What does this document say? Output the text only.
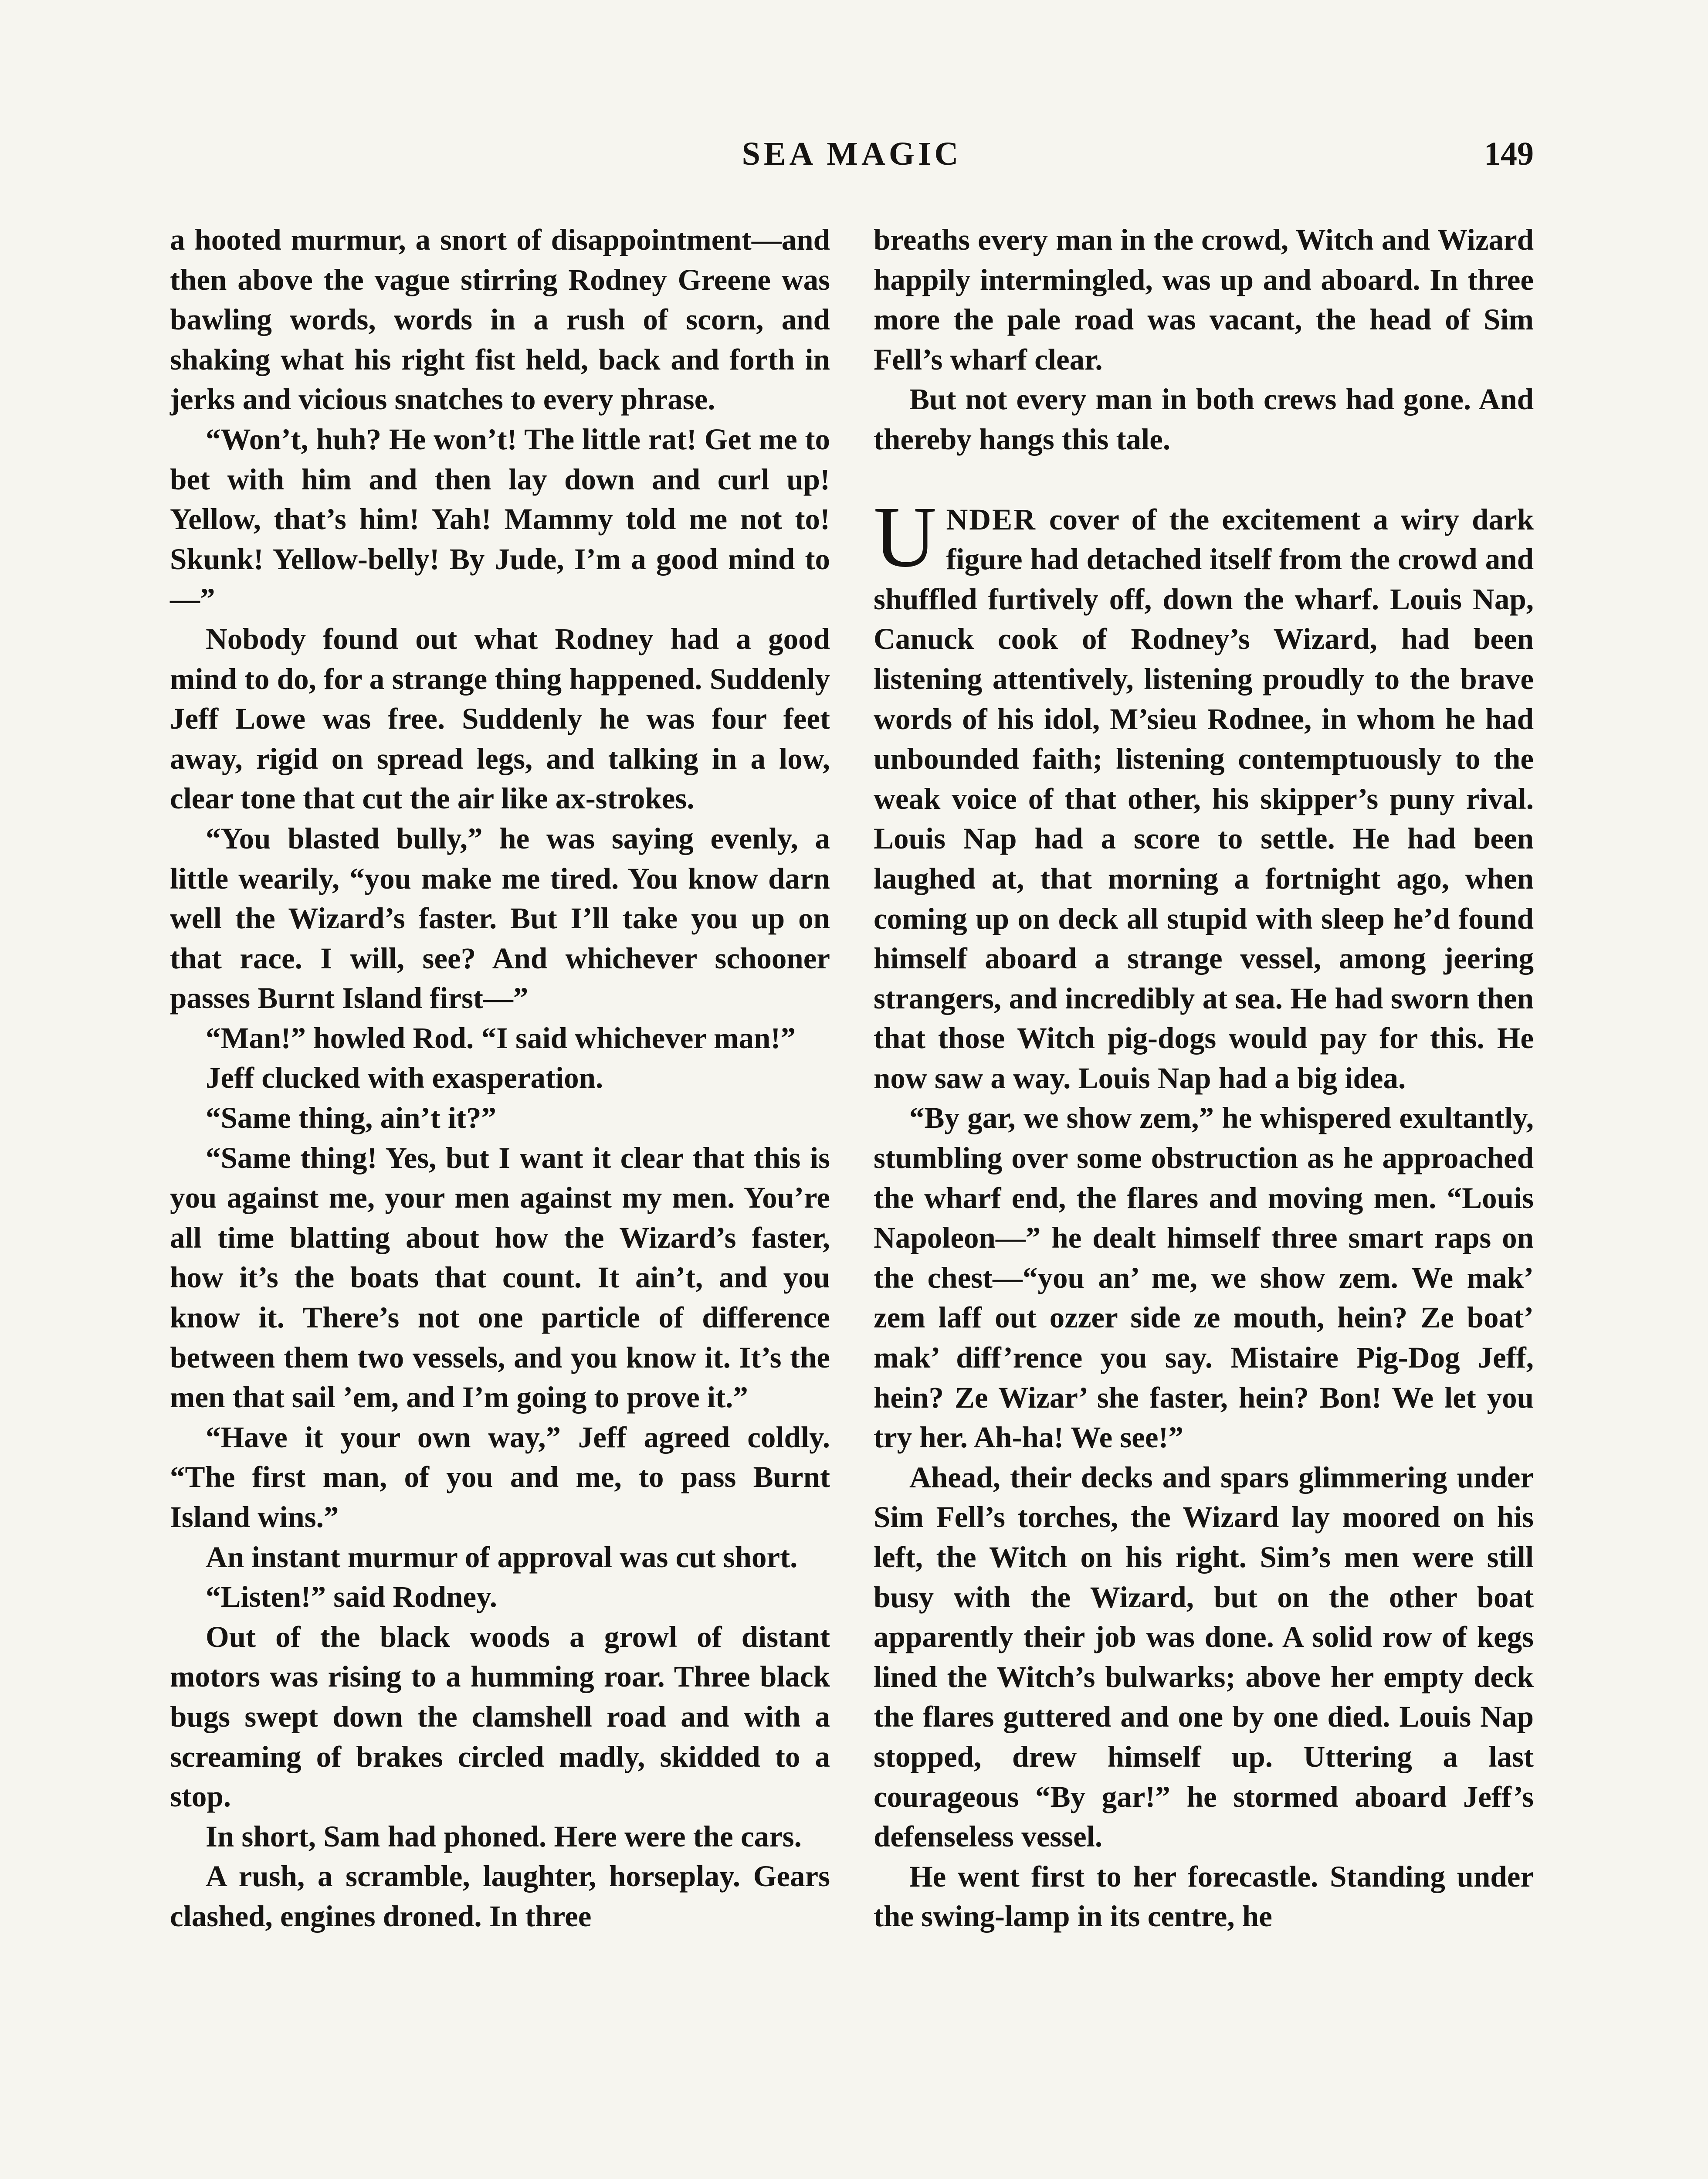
SEA MAGIC	149

a hooted murmur, a snort of disappointment—and then above the vague stirring Rodney Greene was bawling words, words in a rush of scorn, and shaking what his right fist held, back and forth in jerks and vicious snatches to every phrase.

“Won’t, huh? He won’t! The little rat! Get me to bet with him and then lay down and curl up! Yellow, that’s him! Yah! Mammy told me not to! Skunk! Yellow-belly! By Jude, I’m a good mind to—”

Nobody found out what Rodney had a good mind to do, for a strange thing happened. Suddenly Jeff Lowe was free. Suddenly he was four feet away, rigid on spread legs, and talking in a low, clear tone that cut the air like ax-strokes.

“You blasted bully,” he was saying evenly, a little wearily, “you make me tired. You know darn well the Wizard’s faster. But I’ll take you up on that race. I will, see? And whichever schooner passes Burnt Island first—”

“Man!” howled Rod. “I said whichever man!”

Jeff clucked with exasperation.

“Same thing, ain’t it?”

“Same thing! Yes, but I want it clear that this is you against me, your men against my men. You’re all time blatting about how the Wizard’s faster, how it’s the boats that count. It ain’t, and you know it. There’s not one particle of difference between them two vessels, and you know it. It’s the men that sail ’em, and I’m going to prove it.”

“Have it your own way,” Jeff agreed coldly. “The first man, of you and me, to pass Burnt Island wins.”

An instant murmur of approval was cut short.

“Listen!” said Rodney.

Out of the black woods a growl of distant motors was rising to a humming roar. Three black bugs swept down the clamshell road and with a screaming of brakes circled madly, skidded to a stop.

In short, Sam had phoned. Here were the cars.

A rush, a scramble, laughter, horseplay. Gears clashed, engines droned. In three

breaths every man in the crowd, Witch and Wizard happily intermingled, was up and aboard. In three more the pale road was vacant, the head of Sim Fell’s wharf clear.

But not every man in both crews had gone. And thereby hangs this tale.

UNDER cover of the excitement a wiry dark figure had detached itself from the crowd and shuffled furtively off, down the wharf. Louis Nap, Canuck cook of Rodney’s Wizard, had been listening attentively, listening proudly to the brave words of his idol, M’sieu Rodnee, in whom he had unbounded faith; listening contemptuously to the weak voice of that other, his skipper’s puny rival. Louis Nap had a score to settle. He had been laughed at, that morning a fortnight ago, when coming up on deck all stupid with sleep he’d found himself aboard a strange vessel, among jeering strangers, and incredibly at sea. He had sworn then that those Witch pig-dogs would pay for this. He now saw a way. Louis Nap had a big idea.

“By gar, we show zem,” he whispered exultantly, stumbling over some obstruction as he approached the wharf end, the flares and moving men. “Louis Napoleon—” he dealt himself three smart raps on the chest—“you an’ me, we show zem. We mak’ zem laff out ozzer side ze mouth, hein? Ze boat’ mak’ diff’rence you say. Mistaire Pig-Dog Jeff, hein? Ze Wizar’ she faster, hein? Bon! We let you try her. Ah-ha! We see!”

Ahead, their decks and spars glimmering under Sim Fell’s torches, the Wizard lay moored on his left, the Witch on his right. Sim’s men were still busy with the Wizard, but on the other boat apparently their job was done. A solid row of kegs lined the Witch’s bulwarks; above her empty deck the flares guttered and one by one died. Louis Nap stopped, drew himself up. Uttering a last courageous “By gar!” he stormed aboard Jeff’s defenseless vessel.

He went first to her forecastle. Standing under the swing-lamp in its centre, he
